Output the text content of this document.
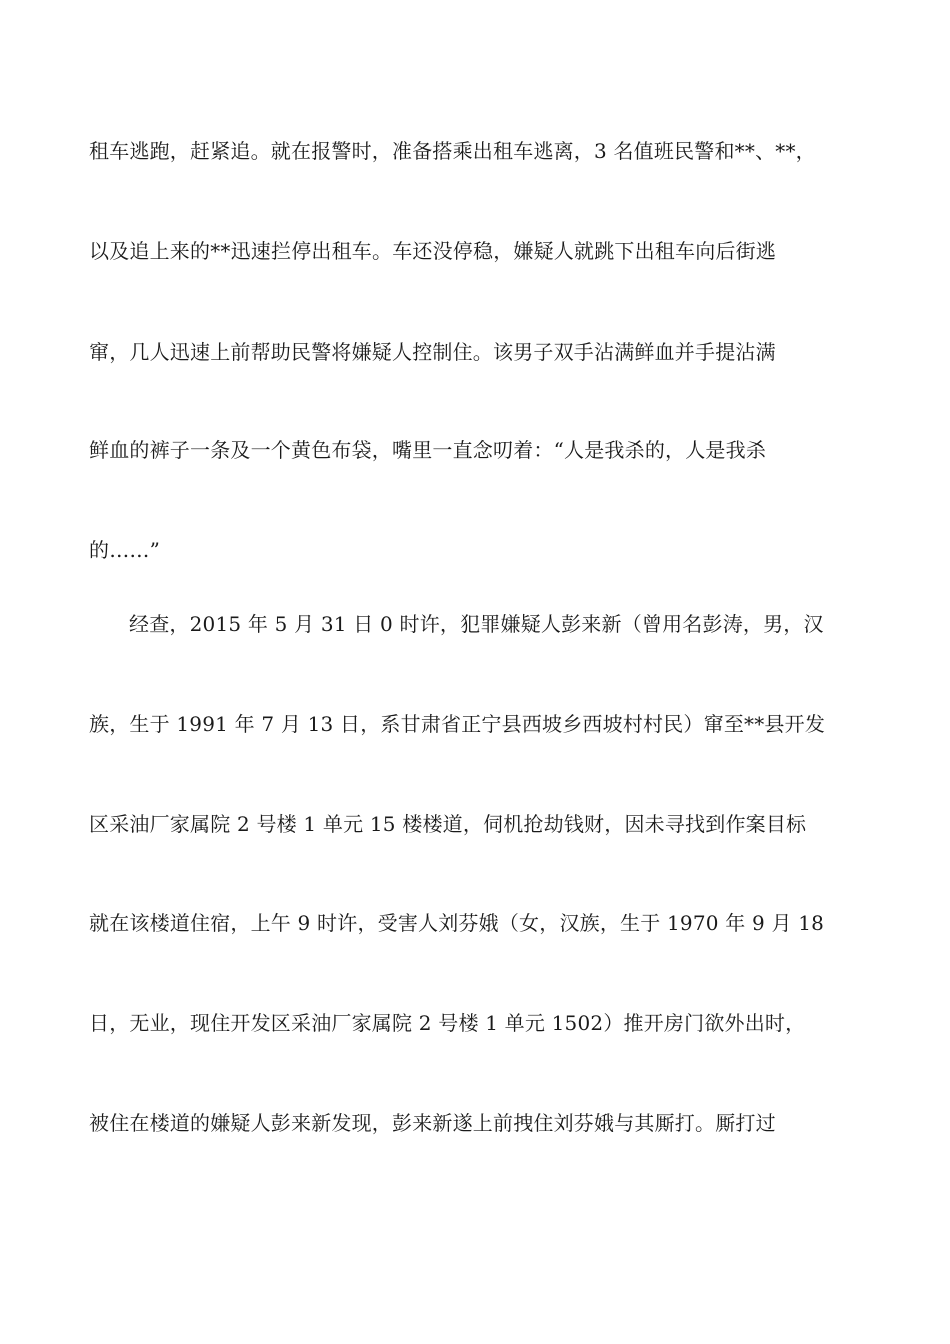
租车逃跑，赶紧追。就在报警时，准备搭乘出租车逃离，3 名值班民警和**、**，

以及追上来的**迅速拦停出租车。车还没停稳，嫌疑人就跳下出租车向后街逃

窜，几人迅速上前帮助民警将嫌疑人控制住。该男子双手沾满鲜血并手提沾满

鲜血的裤子一条及一个黄色布袋，嘴里一直念叨着：“人是我杀的，人是我杀

的……”

经查，2015 年 5 月 31 日 0 时许，犯罪嫌疑人彭来新（曾用名彭涛，男，汉

族，生于 1991 年 7 月 13 日，系甘肃省正宁县西坡乡西坡村村民）窜至**县开发

区采油厂家属院 2 号楼 1 单元 15 楼楼道，伺机抢劫钱财，因未寻找到作案目标

就在该楼道住宿，上午 9 时许，受害人刘芬娥（女，汉族，生于 1970 年 9 月 18

日，无业，现住开发区采油厂家属院 2 号楼 1 单元 1502）推开房门欲外出时，

被住在楼道的嫌疑人彭来新发现，彭来新遂上前拽住刘芬娥与其厮打。厮打过
